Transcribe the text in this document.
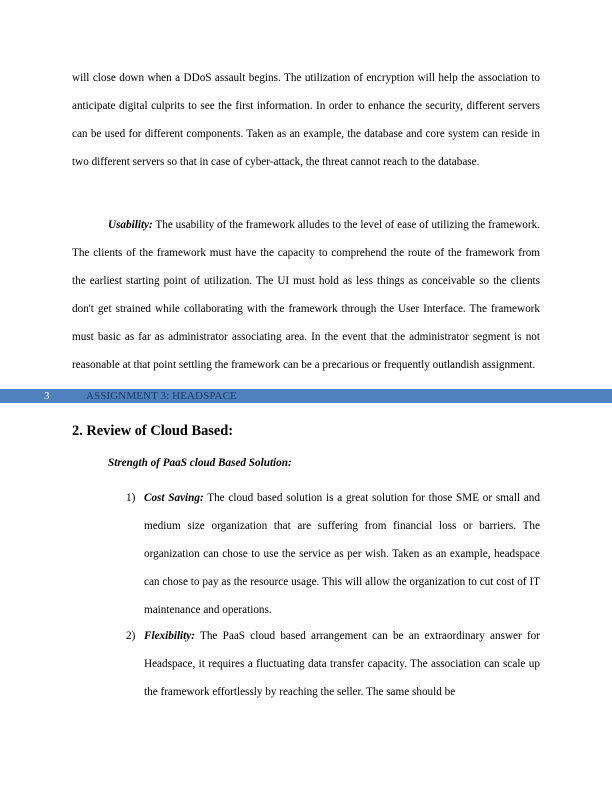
will close down when a DDoS assault begins. The utilization of encryption will help the association to anticipate digital culprits to see the first information. In order to enhance the security, different servers can be used for different components. Taken as an example, the database and core system can reside in two different servers so that in case of cyber-attack, the threat cannot reach to the database.

Usability: The usability of the framework alludes to the level of ease of utilizing the framework. The clients of the framework must have the capacity to comprehend the route of the framework from the earliest starting point of utilization. The UI must hold as less things as conceivable so the clients don't get strained while collaborating with the framework through the User Interface. The framework must basic as far as administrator associating area. In the event that the administrator segment is not reasonable at that point settling the framework can be a precarious or frequently outlandish assignment.

3	ASSIGNMENT 3: HEADSPACE
2. Review of Cloud Based:

Strength of PaaS cloud Based Solution:

1) Cost Saving: The cloud based solution is a great solution for those SME or small and medium size organization that are suffering from financial loss or barriers. The organization can chose to use the service as per wish. Taken as an example, headspace can chose to pay as the resource usage. This will allow the organization to cut cost of IT maintenance and operations.

2) Flexibility: The PaaS cloud based arrangement can be an extraordinary answer for Headspace, it requires a fluctuating data transfer capacity. The association can scale up the framework effortlessly by reaching the seller. The same should be
